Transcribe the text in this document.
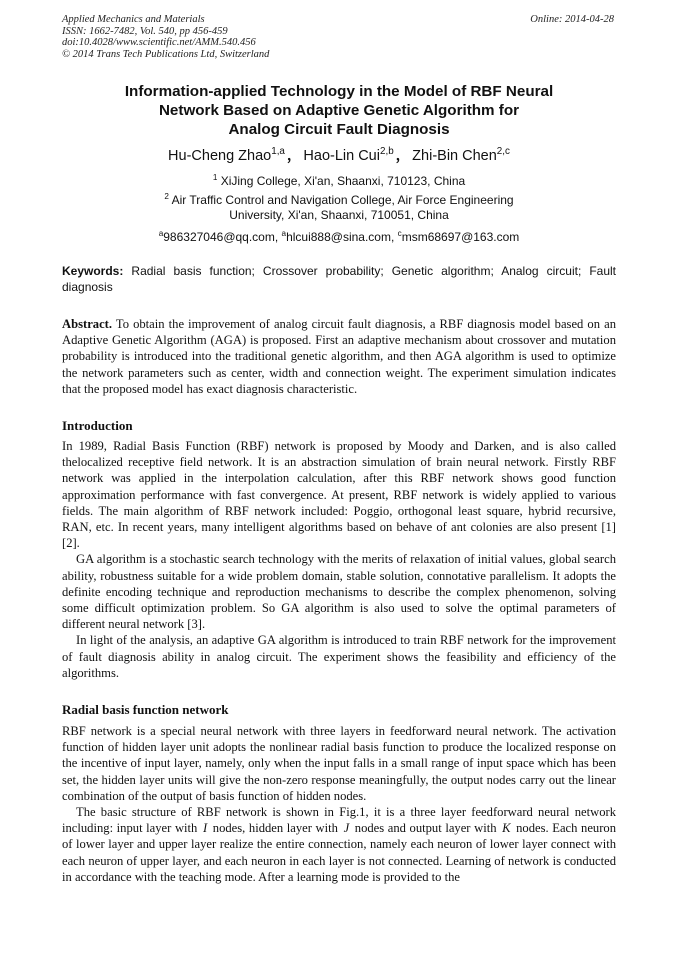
Applied Mechanics and Materials
ISSN: 1662-7482, Vol. 540, pp 456-459
doi:10.4028/www.scientific.net/AMM.540.456
© 2014 Trans Tech Publications Ltd, Switzerland
Online: 2014-04-28
Information-applied Technology in the Model of RBF Neural
Network Based on Adaptive Genetic Algorithm for
Analog Circuit Fault Diagnosis
Hu-Cheng Zhao$^{1,a}$ ， Hao-Lin Cui$^{2,b}$ ， Zhi-Bin Chen$^{2,c}$
$^1$ XiJing College, Xi'an, Shaanxi, 710123, China
$^2$ Air Traffic Control and Navigation College, Air Force Engineering
University, Xi'an, Shaanxi, 710051, China
$^a$986327046@qq.com, $^a$hlcui888@sina.com, $^c$msm68697@163.com
Keywords: Radial basis function; Crossover probability; Genetic algorithm; Analog circuit; Fault diagnosis

Abstract. To obtain the improvement of analog circuit fault diagnosis, a RBF diagnosis model based on an Adaptive Genetic Algorithm (AGA) is proposed. First an adaptive mechanism about crossover and mutation probability is introduced into the traditional genetic algorithm, and then AGA algorithm is used to optimize the network parameters such as center, width and connection weight. The experiment simulation indicates that the proposed model has exact diagnosis characteristic.

Introduction

In 1989, Radial Basis Function (RBF) network is proposed by Moody and Darken, and is also called thelocalized receptive field network. It is an abstraction simulation of brain neural network. Firstly RBF network was applied in the interpolation calculation, after this RBF network shows good function approximation performance with fast convergence. At present, RBF network is widely applied to various fields. The main algorithm of RBF network included: Poggio, orthogonal least square, hybrid recursive, RAN, etc. In recent years, many intelligent algorithms based on behave of ant colonies are also present [1][2].

GA algorithm is a stochastic search technology with the merits of relaxation of initial values, global search ability, robustness suitable for a wide problem domain, stable solution, connotative parallelism. It adopts the definite encoding technique and reproduction mechanisms to describe the complex phenomenon, solving some difficult optimization problem. So GA algorithm is also used to solve the optimal parameters of different neural network [3].

In light of the analysis, an adaptive GA algorithm is introduced to train RBF network for the improvement of fault diagnosis ability in analog circuit. The experiment shows the feasibility and efficiency of the algorithms.

Radial basis function network

RBF network is a special neural network with three layers in feedforward neural network. The activation function of hidden layer unit adopts the nonlinear radial basis function to produce the localized response on the incentive of input layer, namely, only when the input falls in a small range of input space which has been set, the hidden layer units will give the non-zero response meaningfully, the output nodes carry out the linear combination of the output of basis function of hidden nodes.

The basic structure of RBF network is shown in Fig.1, it is a three layer feedforward neural network including: input layer with I nodes, hidden layer with J nodes and output layer with K nodes. Each neuron of lower layer and upper layer realize the entire connection, namely each neuron of lower layer connect with each neuron of upper layer, and each neuron in each layer is not connected. Learning of network is conducted in accordance with the teaching mode. After a learning mode is provided to the
